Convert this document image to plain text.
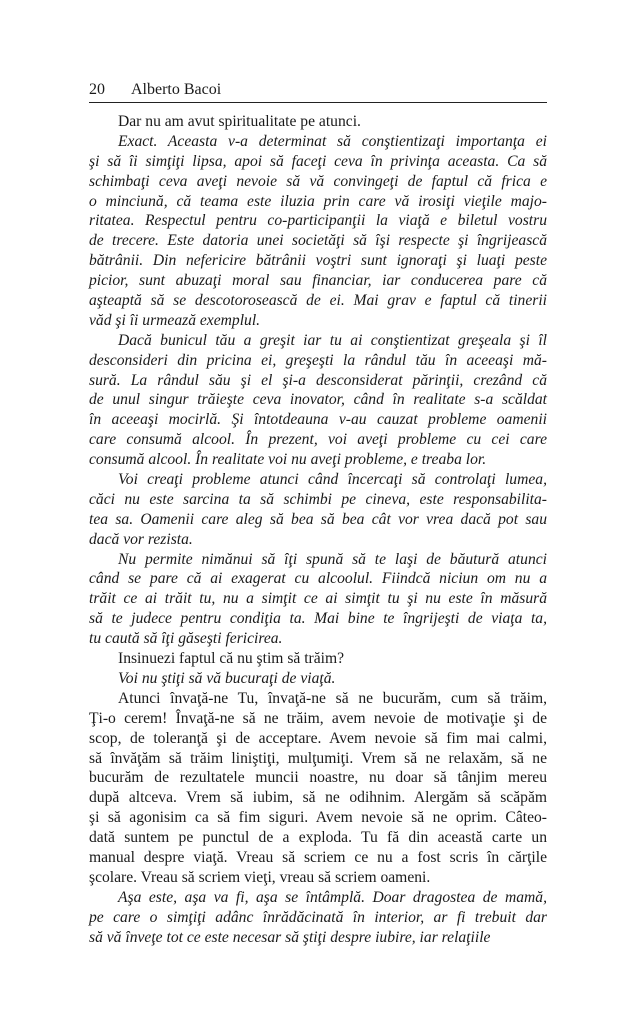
20 Alberto Bacoi
Dar nu am avut spiritualitate pe atunci.
Exact. Aceasta v-a determinat să conştientizaţi importanţa ei
şi să îi simţiţi lipsa, apoi să faceţi ceva în privinţa aceasta. Ca să
schimbaţi ceva aveţi nevoie să vă convingeţi de faptul că frica e
o minciună, că teama este iluzia prin care vă irosiţi vieţile majo-
ritatea. Respectul pentru co-participanţii la viaţă e biletul vostru
de trecere. Este datoria unei societăţi să îşi respecte şi îngrijească
bătrânii. Din nefericire bătrânii voştri sunt ignoraţi şi luaţi peste
picior, sunt abuzaţi moral sau financiar, iar conducerea pare că
aşteaptă să se descotorosească de ei. Mai grav e faptul că tinerii
văd şi îi urmează exemplul.
Dacă bunicul tău a greşit iar tu ai conştientizat greşeala şi îl
desconsideri din pricina ei, greşeşti la rândul tău în aceeaşi mă-
sură. La rândul său şi el şi-a desconsiderat părinţii, crezând că
de unul singur trăieşte ceva inovator, când în realitate s-a scăldat
în aceeaşi mocirlă. Şi întotdeauna v-au cauzat probleme oamenii
care consumă alcool. În prezent, voi aveţi probleme cu cei care
consumă alcool. În realitate voi nu aveţi probleme, e treaba lor.
Voi creaţi probleme atunci când încercaţi să controlaţi lumea,
căci nu este sarcina ta să schimbi pe cineva, este responsabilita-
tea sa. Oamenii care aleg să bea să bea cât vor vrea dacă pot sau
dacă vor rezista.
Nu permite nimănui să îţi spună să te laşi de băutură atunci
când se pare că ai exagerat cu alcoolul. Fiindcă niciun om nu a
trăit ce ai trăit tu, nu a simţit ce ai simţit tu şi nu este în măsură
să te judece pentru condiţia ta. Mai bine te îngrijeşti de viaţa ta,
tu caută să îţi găseşti fericirea.
Insinuezi faptul că nu ştim să trăim?
Voi nu ştiţi să vă bucuraţi de viaţă.
Atunci învaţă-ne Tu, învaţă-ne să ne bucurăm, cum să trăim,
Ţi-o cerem! Învaţă-ne să ne trăim, avem nevoie de motivaţie şi de
scop, de toleranţă şi de acceptare. Avem nevoie să fim mai calmi,
să învăţăm să trăim liniştiţi, mulţumiţi. Vrem să ne relaxăm, să ne
bucurăm de rezultatele muncii noastre, nu doar să tânjim mereu
după altceva. Vrem să iubim, să ne odihnim. Alergăm să scăpăm
şi să agonisim ca să fim siguri. Avem nevoie să ne oprim. Câteo-
dată suntem pe punctul de a exploda. Tu fă din această carte un
manual despre viaţă. Vreau să scriem ce nu a fost scris în cărţile
şcolare. Vreau să scriem vieţi, vreau să scriem oameni.
Aşa este, aşa va fi, aşa se întâmplă. Doar dragostea de mamă,
pe care o simţiţi adânc înrădăcinată în interior, ar fi trebuit dar
să vă înveţe tot ce este necesar să ştiţi despre iubire, iar relaţiile
